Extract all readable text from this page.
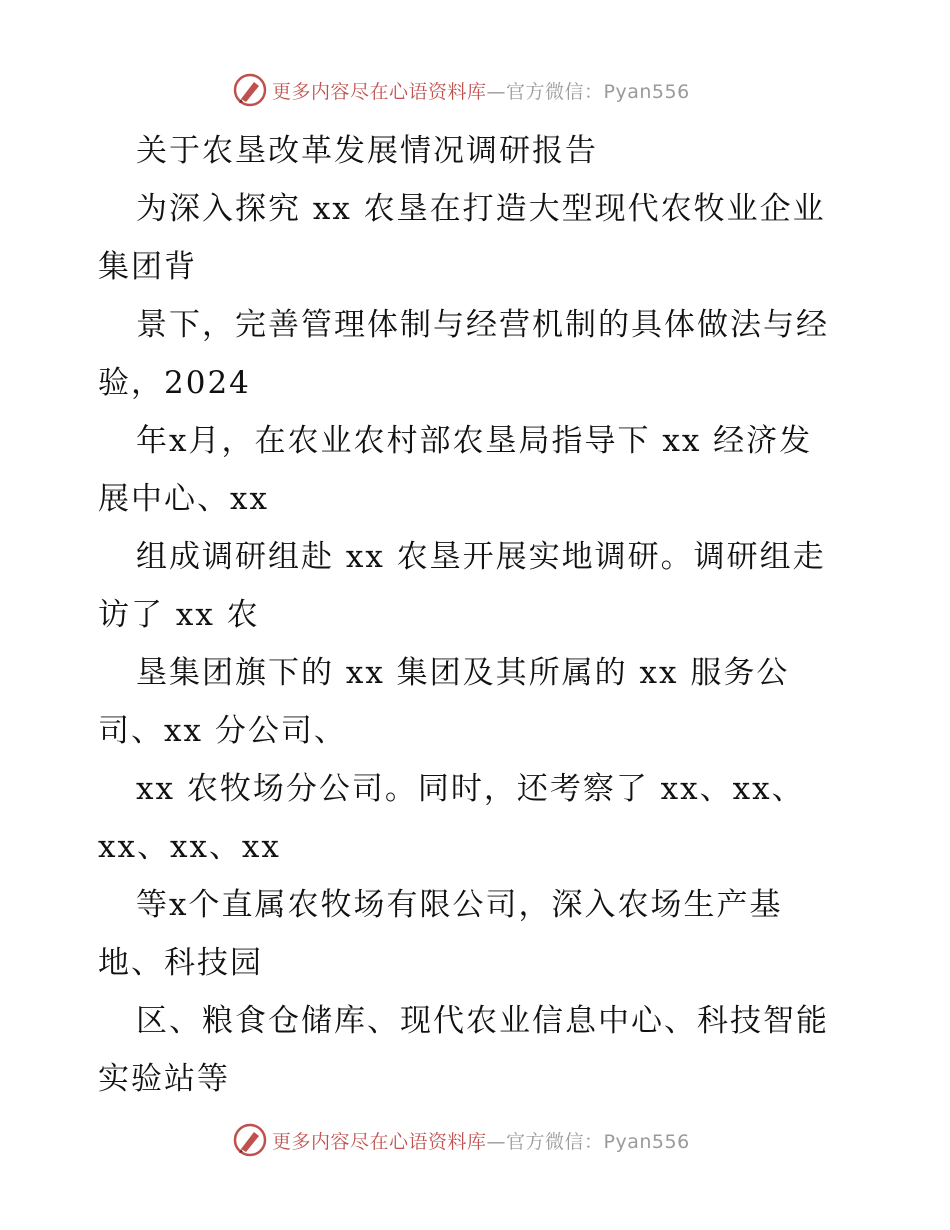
更多内容尽在心语资料库—官方微信：Pyan556
关于农垦改革发展情况调研报告
为深入探究 xx 农垦在打造大型现代农牧业企业
集团背
景下，完善管理体制与经营机制的具体做法与经
验，2024
年x月，在农业农村部农垦局指导下 xx 经济发
展中心、xx
组成调研组赴 xx 农垦开展实地调研。调研组走
访了 xx 农
垦集团旗下的 xx 集团及其所属的 xx 服务公
司、xx 分公司、
xx 农牧场分公司。同时，还考察了 xx、xx、
xx、xx、xx
等x个直属农牧场有限公司，深入农场生产基
地、科技园
区、粮食仓储库、现代农业信息中心、科技智能
实验站等
更多内容尽在心语资料库—官方微信：Pyan556
